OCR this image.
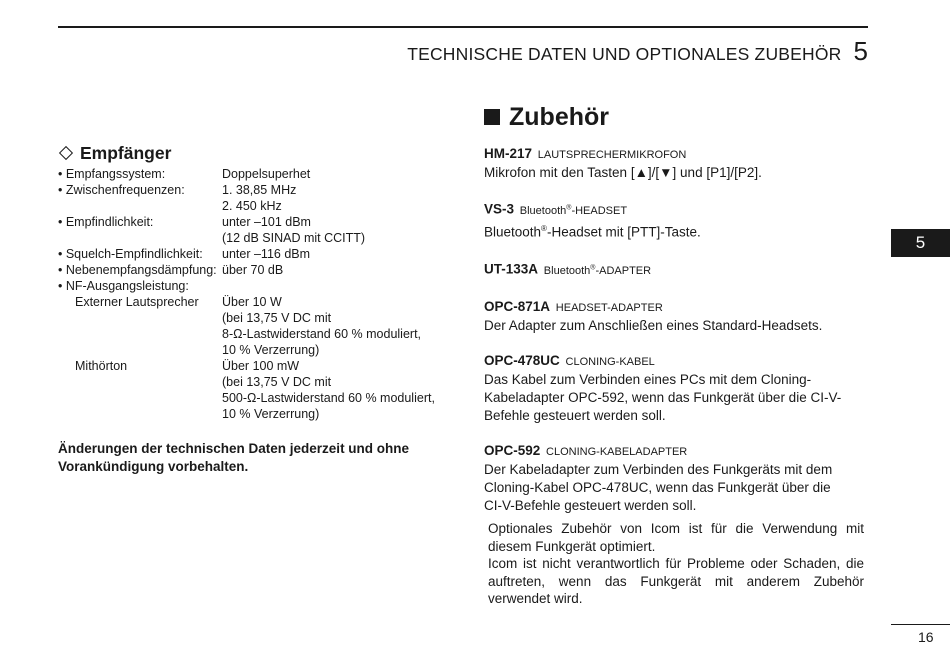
TECHNISCHE DATEN UND OPTIONALES ZUBEHÖR 5
Empfänger
• Empfangssystem:	Doppelsuperhet
• Zwischenfrequenzen:	1. 38,85 MHz
2. 450 kHz
• Empfindlichkeit:	unter –101 dBm
(12 dB SINAD mit CCITT)
• Squelch-Empfindlichkeit:	unter –116 dBm
• Nebenempfangsdämpfung: über 70 dB
• NF-Ausgangsleistung:
Externer Lautsprecher	Über 10 W
(bei 13,75 V DC mit
8-Ω-Lastwiderstand 60 % moduliert,
10 % Verzerrung)
Mithörton	Über 100 mW
(bei 13,75 V DC mit
500-Ω-Lastwiderstand 60 % moduliert,
10 % Verzerrung)
Änderungen der technischen Daten jederzeit und ohne
Vorankündigung vorbehalten.
Zubehör
HM-217 LAUTSPRECHERMIKROFON
Mikrofon mit den Tasten [▲]/[▼] und [P1]/[P2].
VS-3 Bluetooth®-HEADSET
Bluetooth®-Headset mit [PTT]-Taste.
UT-133A Bluetooth®-ADAPTER
OPC-871A HEADSET-ADAPTER
Der Adapter zum Anschließen eines Standard-Headsets.
OPC-478UC CLONING-KABEL
Das Kabel zum Verbinden eines PCs mit dem Cloning-
Kabeladapter OPC-592, wenn das Funkgerät über die CI-V-
Befehle gesteuert werden soll.
OPC-592 CLONING-KABELADAPTER
Der Kabeladapter zum Verbinden des Funkgeräts mit dem
Cloning-Kabel OPC-478UC, wenn das Funkgerät über die
CI-V-Befehle gesteuert werden soll.

Optionales Zubehör von Icom ist für die Verwendung mit diesem Funkgerät optimiert.

Icom ist nicht verantwortlich für Probleme oder Schaden, die auftreten, wenn das Funkgerät mit anderem Zubehör verwendet wird.

5
16
